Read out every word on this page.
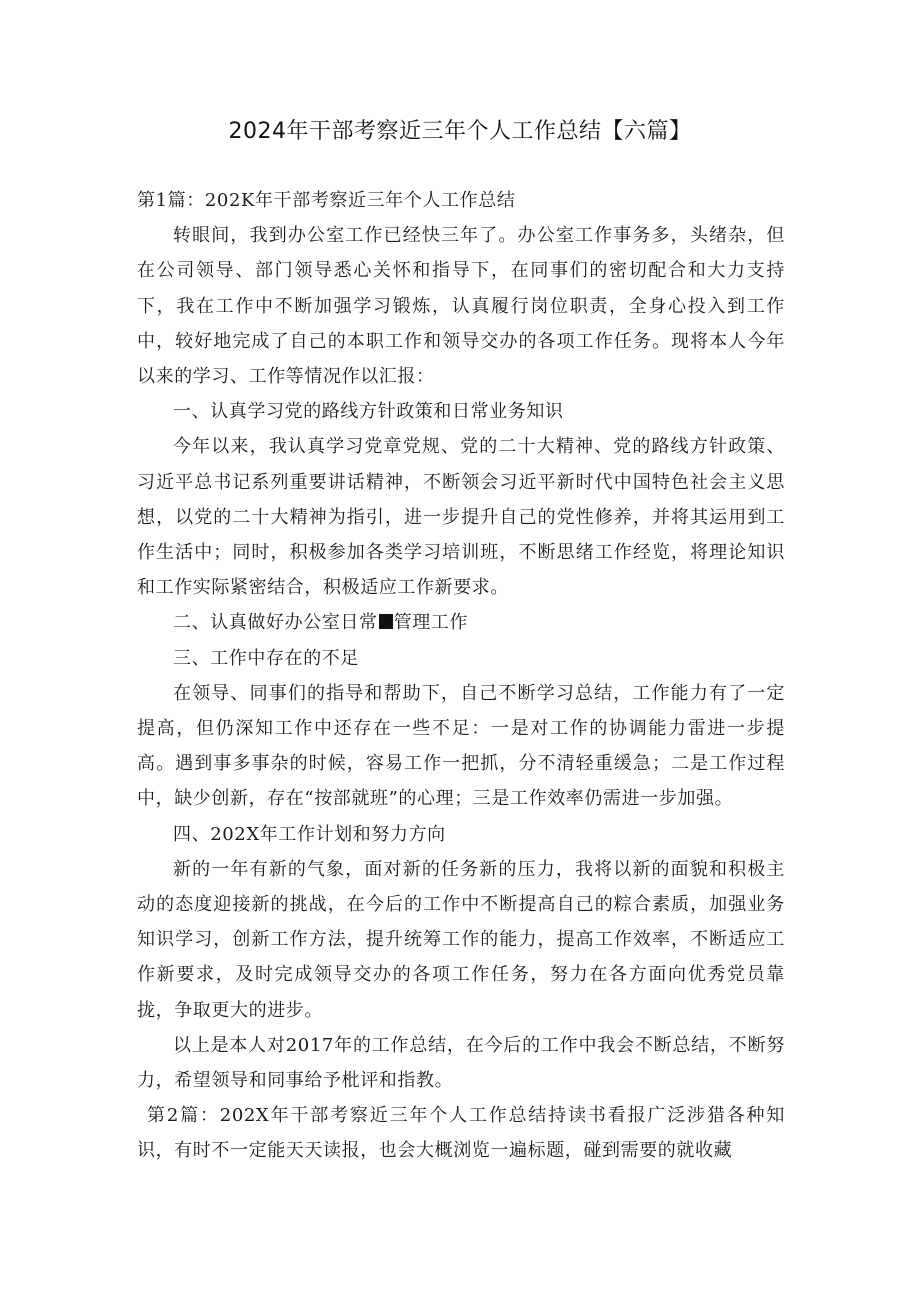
2024年干部考察近三年个人工作总结【六篇】

第1篇：202K年干部考察近三年个人工作总结

转眼间，我到办公室工作已经快三年了。办公室工作事务多，头绪杂，但在公司领导、部门领导悉心关怀和指导下，在同事们的密切配合和大力支持下，我在工作中不断加强学习锻炼，认真履行岗位职责，全身心投入到工作中，较好地完成了自己的本职工作和领导交办的各项工作任务。现将本人今年以来的学习、工作等情况作以汇报：

一、认真学习党的路线方针政策和日常业务知识

今年以来，我认真学习党章党规、党的二十大精神、党的路线方针政策、习近平总书记系列重要讲话精神，不断领会习近平新时代中国特色社会主义思想，以党的二十大精神为指引，进一步提升自己的党性修养，并将其运用到工作生活中；同时，积极参加各类学习培训班，不断思绪工作经览，将理论知识和工作实际紧密结合，积极适应工作新要求。

二、认真做好办公室日常 管理工作

三、工作中存在的不足

在领导、同事们的指导和帮助下，自己不断学习总结，工作能力有了一定提高，但仍深知工作中还存在一些不足：一是对工作的协调能力雷进一步提高。遇到事多事杂的时候，容易工作一把抓，分不清轻重缓急；二是工作过程中，缺少创新，存在“按部就班”的心理；三是工作效率仍需进一步加强。

四、202X年工作计划和努力方向

新的一年有新的气象，面对新的任务新的压力，我将以新的面貌和积极主动的态度迎接新的挑战，在今后的工作中不断提高自己的粽合素质，加强业务知识学习，创新工作方法，提升统筹工作的能力，提高工作效率，不断适应工作新要求，及时完成领导交办的各项工作任务，努力在各方面向优秀党员靠拢，争取更大的进步。

以上是本人对2017年的工作总结，在今后的工作中我会不断总结，不断努力，希望领导和同事给予枇评和指教。

第2篇：202X年干部考察近三年个人工作总结持读书看报广泛涉猎各种知识，有时不一定能天天读报，也会大概浏览一遍标题，碰到需要的就收藏
